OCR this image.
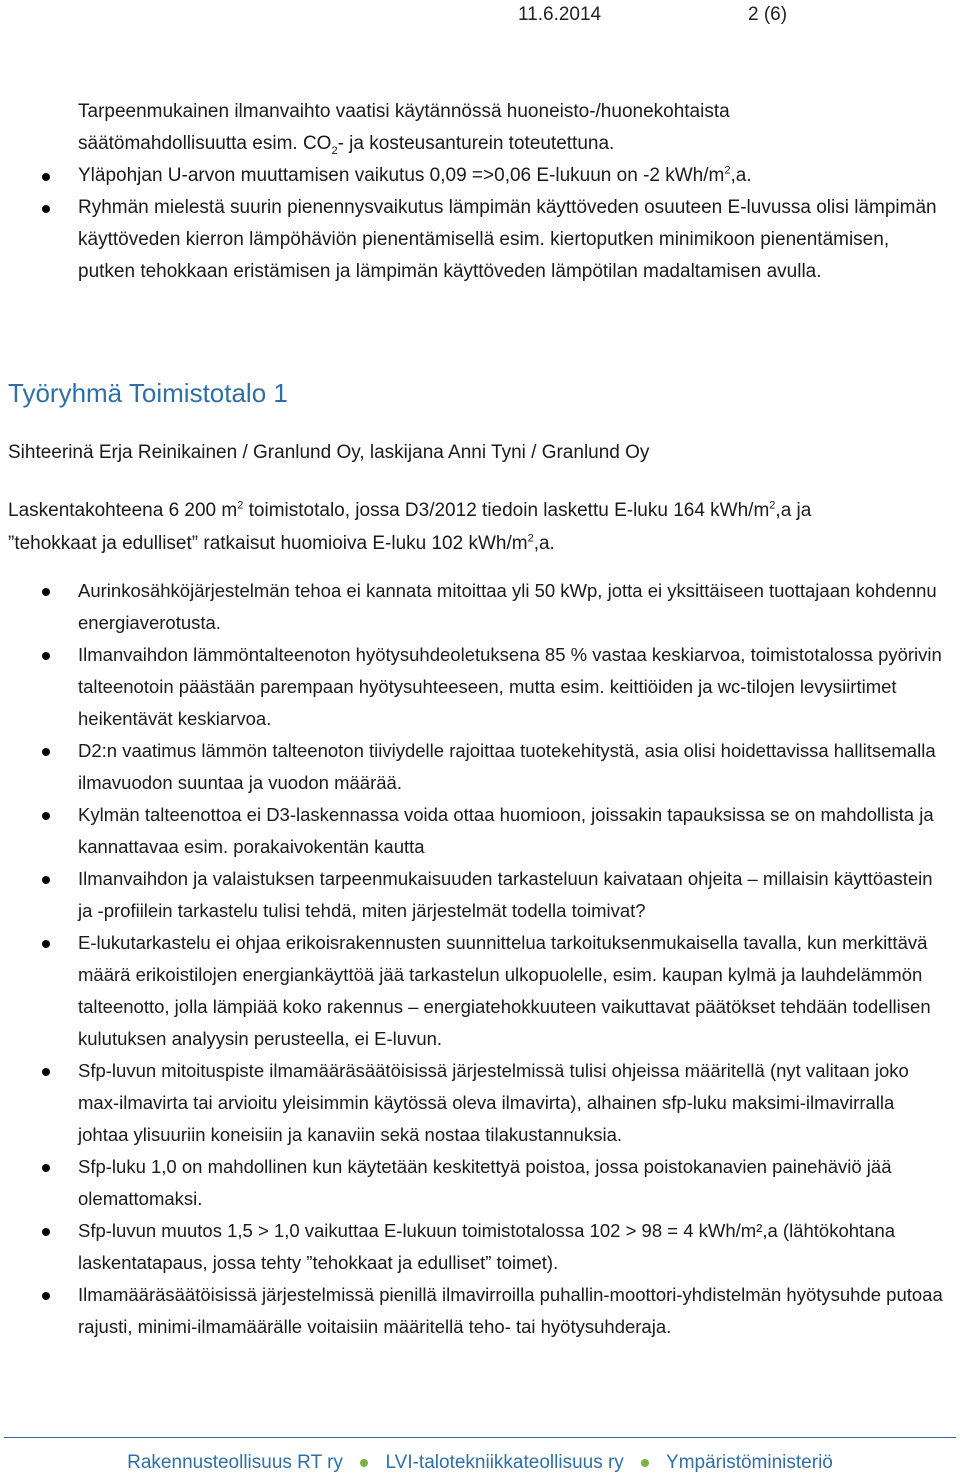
11.6.2014	2 (6)

Tarpeenmukainen ilmanvaihto vaatisi käytännössä huoneisto-/huonekohtaista

säätömahdollisuutta esim. $CO_2-$ ja kosteusanturein toteutettuna.

Yläpohjan U-arvon muuttamisen vaikutus 0,09 =>0,06 E-lukuun on -2 kWh/$m^2,a$.
Ryhmän mielestä suurin pienennysvaikutus lämpimän käyttöveden osuuteen E-luvussa olisi lämpimän käyttöveden kierron lämpöhäviön pienentämisellä esim. kiertoputken minimikoon pienentämisen, putken tehokkaan eristämisen ja lämpimän käyttöveden lämpötilan madaltamisen avulla.
Työryhmä Toimistotalo 1
Sihteerinä Erja Reinikainen / Granlund Oy, laskijana Anni Tyni / Granlund Oy

Laskentakohteena 6 200 $m^2$ toimistotalo, jossa D3/2012 tiedoin laskettu E-luku 164 kWh/$m^2,a$ ja

”tehokkaat ja edulliset” ratkaisut huomioiva E-luku 102 kWh/$m^2,a$.

Aurinkosähköjärjestelmän tehoa ei kannata mitoittaa yli 50 kWp, jotta ei yksittäiseen tuottajaan kohdennu energiaverotusta.
Ilmanvaihdon lämmöntalteenoton hyötysuhdeoletuksena 85 % vastaa keskiarvoa, toimistotalossa pyörivin talteenotoin päästään parempaan hyötysuhteeseen, mutta esim. keittiöiden ja wc-tilojen levysiirtimet heikentävät keskiarvoa.
D2:n vaatimus lämmön talteenoton tiiviydelle rajoittaa tuotekehitystä, asia olisi hoidettavissa hallitsemalla ilmavuodon suuntaa ja vuodon määrää.
Kylmän talteenottoa ei D3-laskennassa voida ottaa huomioon, joissakin tapauksissa se on mahdollista ja kannattavaa esim. porakaivokentän kautta
Ilmanvaihdon ja valaistuksen tarpeenmukaisuuden tarkasteluun kaivataan ohjeita – millaisin käyttöastein ja -profiilein tarkastelu tulisi tehdä, miten järjestelmät todella toimivat?
E-lukutarkastelu ei ohjaa erikoisrakennusten suunnittelua tarkoituksenmukaisella tavalla, kun merkittävä määrä erikoistilojen energiankäyttöä jää tarkastelun ulkopuolelle, esim. kaupan kylmä ja lauhdelämmön talteenotto, jolla lämpiää koko rakennus – energiatehokkuuteen vaikuttavat päätökset tehdään todellisen kulutuksen analyysin perusteella, ei E-luvun.
Sfp-luvun mitoituspiste ilmamääräsäätöisissä järjestelmissä tulisi ohjeissa määritellä (nyt valitaan joko max-ilmavirta tai arvioitu yleisimmin käytössä oleva ilmavirta), alhainen sfp-luku maksimi-ilmavirralla johtaa ylisuuriin koneisiin ja kanaviin sekä nostaa tilakustannuksia.
Sfp-luku 1,0 on mahdollinen kun käytetään keskitettyä poistoa, jossa poistokanavien painehäviö jää olemattomaksi.
Sfp-luvun muutos 1,5 > 1,0 vaikuttaa E-lukuun toimistotalossa 102 > 98 = 4 kWh/m²,a (lähtökohtana laskentatapaus, jossa tehty ”tehokkaat ja edulliset” toimet).
Ilmamääräsäätöisissä järjestelmissä pienillä ilmavirroilla puhallin-moottori-yhdistelmän hyötysuhde putoaa rajusti, minimi-ilmamäärälle voitaisiin määritellä teho- tai hyötysuhderaja.
Rakennusteollisuus RT ry LVI-talotekniikkateollisuus ry Ympäristöministeriö
